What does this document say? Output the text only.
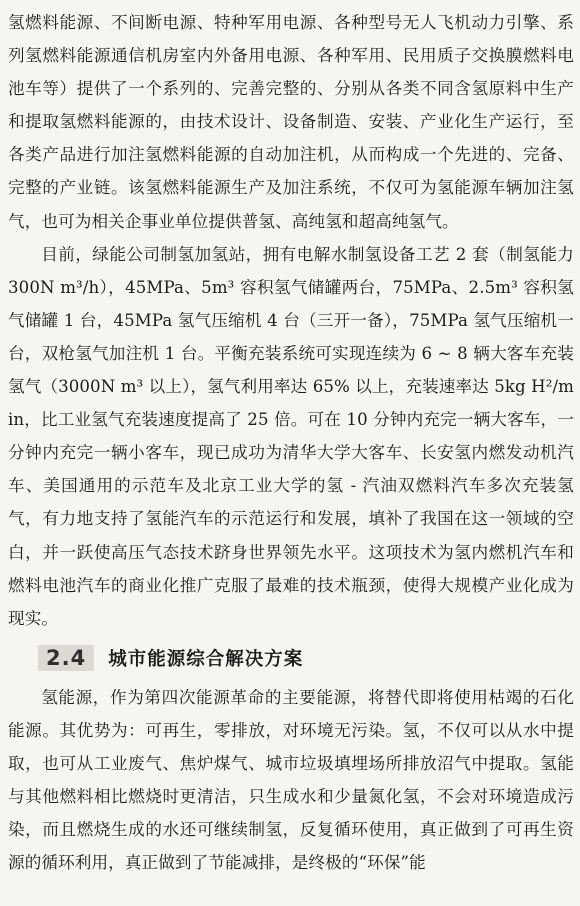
氢燃料能源、不间断电源、特种军用电源、各种型号无人飞机动力引擎、系列氢燃料能源通信机房室内外备用电源、各种军用、民用质子交换膜燃料电池车等）提供了一个系列的、完善完整的、分别从各类不同含氢原料中生产和提取氢燃料能源的，由技术设计、设备制造、安装、产业化生产运行，至各类产品进行加注氢燃料能源的自动加注机，从而构成一个先进的、完备、完整的产业链。该氢燃料能源生产及加注系统，不仅可为氢能源车辆加注氢气，也可为相关企事业单位提供普氢、高纯氢和超高纯氢气。

目前，绿能公司制氢加氢站，拥有电解水制氢设备工艺 2 套（制氢能力 300N m³/h），45MPa、5m³ 容积氢气储罐两台，75MPa、2.5m³ 容积氢气储罐 1 台，45MPa 氢气压缩机 4 台（三开一备），75MPa 氢气压缩机一台，双枪氢气加注机 1 台。平衡充装系统可实现连续为 6 ~ 8 辆大客车充装氢气（3000N m³ 以上），氢气利用率达 65% 以上，充装速率达 5kg H²/min，比工业氢气充装速度提高了 25 倍。可在 10 分钟内充完一辆大客车，一分钟内充完一辆小客车，现已成功为清华大学大客车、长安氢内燃发动机汽车、美国通用的示范车及北京工业大学的氢 - 汽油双燃料汽车多次充装氢气，有力地支持了氢能汽车的示范运行和发展，填补了我国在这一领域的空白，并一跃使高压气态技术跻身世界领先水平。这项技术为氢内燃机汽车和燃料电池汽车的商业化推广克服了最难的技术瓶颈，使得大规模产业化成为现实。

2.4	城市能源综合解决方案

氢能源，作为第四次能源革命的主要能源，将替代即将使用枯竭的石化能源。其优势为：可再生，零排放，对环境无污染。氢，不仅可以从水中提取，也可从工业废气、焦炉煤气、城市垃圾填埋场所排放沼气中提取。氢能与其他燃料相比燃烧时更清洁，只生成水和少量氮化氢，不会对环境造成污染，而且燃烧生成的水还可继续制氢，反复循环使用，真正做到了可再生资源的循环利用，真正做到了节能减排，是终极的“环保”能
